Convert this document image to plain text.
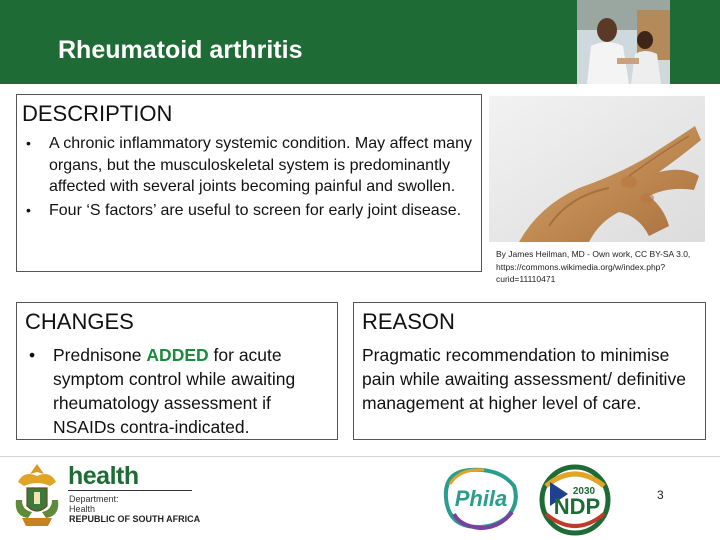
Rheumatoid arthritis
DESCRIPTION
• A chronic inflammatory systemic condition. May affect many organs, but the musculoskeletal system is predominantly affected with several joints becoming painful and swollen.
• Four ‘S factors’ are useful to screen for early joint disease.
By James Heilman, MD - Own work, CC BY-SA 3.0, https://commons.wikimedia.org/w/index.php?curid=11110471
CHANGES
• Prednisone ADDED for acute symptom control while awaiting rheumatology assessment if NSAIDs contra-indicated.
REASON
Pragmatic recommendation to minimise pain while awaiting assessment/ definitive management at higher level of care.
health
Department:
Health
REPUBLIC OF SOUTH AFRICA
Phila	2030
NDP	3
